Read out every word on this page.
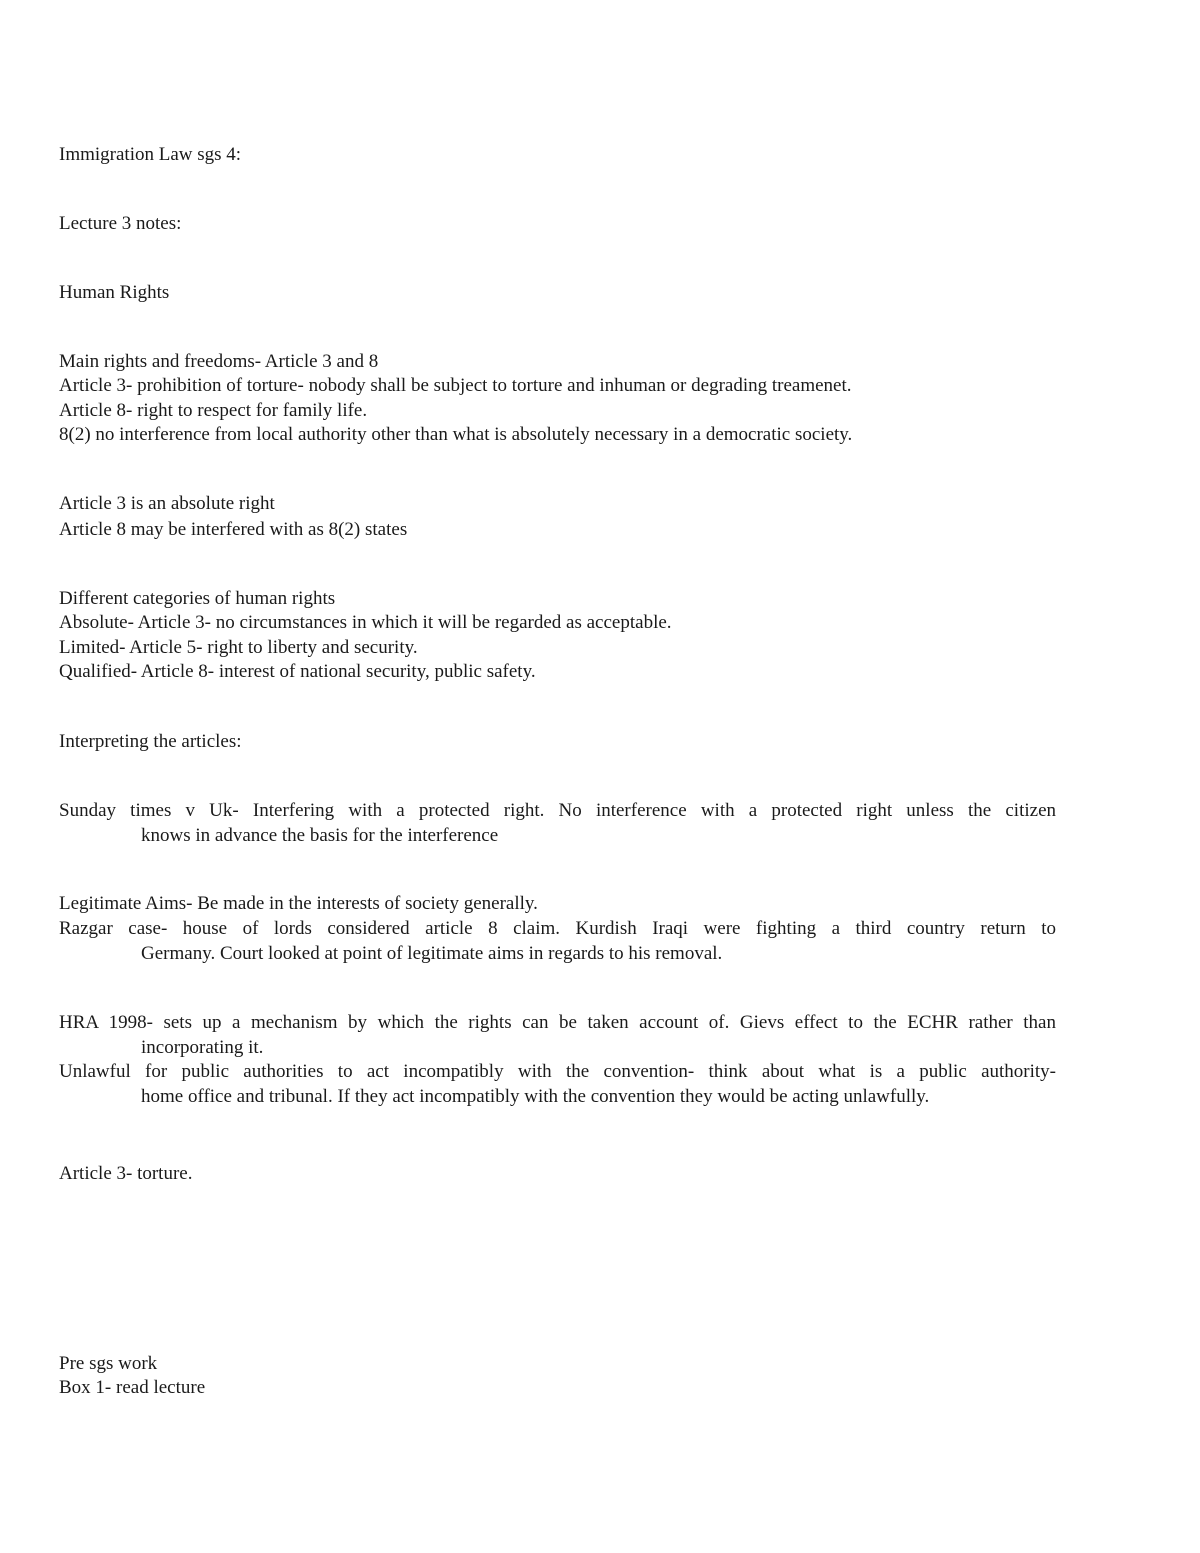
Immigration Law sgs 4:
Lecture 3 notes:
Human Rights
Main rights and freedoms- Article 3 and 8
Article 3- prohibition of torture- nobody shall be subject to torture and inhuman or degrading treamenet.
Article 8- right to respect for family life.
8(2) no interference from local authority other than what is absolutely necessary in a democratic society.
Article 3 is an absolute right
Article 8 may be interfered with as 8(2) states
Different categories of human rights
Absolute- Article 3- no circumstances in which it will be regarded as acceptable.
Limited- Article 5- right to liberty and security.
Qualified- Article 8- interest of national security, public safety.
Interpreting the articles:
Sunday times v Uk- Interfering with a protected right. No interference with a protected right unless the citizen
knows in advance the basis for the interference
Legitimate Aims- Be made in the interests of society generally.
Razgar case- house of lords considered article 8 claim. Kurdish Iraqi were fighting a third country return to
Germany. Court looked at point of legitimate aims in regards to his removal.
HRA 1998- sets up a mechanism by which the rights can be taken account of. Gievs effect to the ECHR rather than
incorporating it.
Unlawful for public authorities to act incompatibly with the convention- think about what is a public authority-
home office and tribunal. If they act incompatibly with the convention they would be acting unlawfully.
Article 3- torture.
Pre sgs work
Box 1- read lecture
